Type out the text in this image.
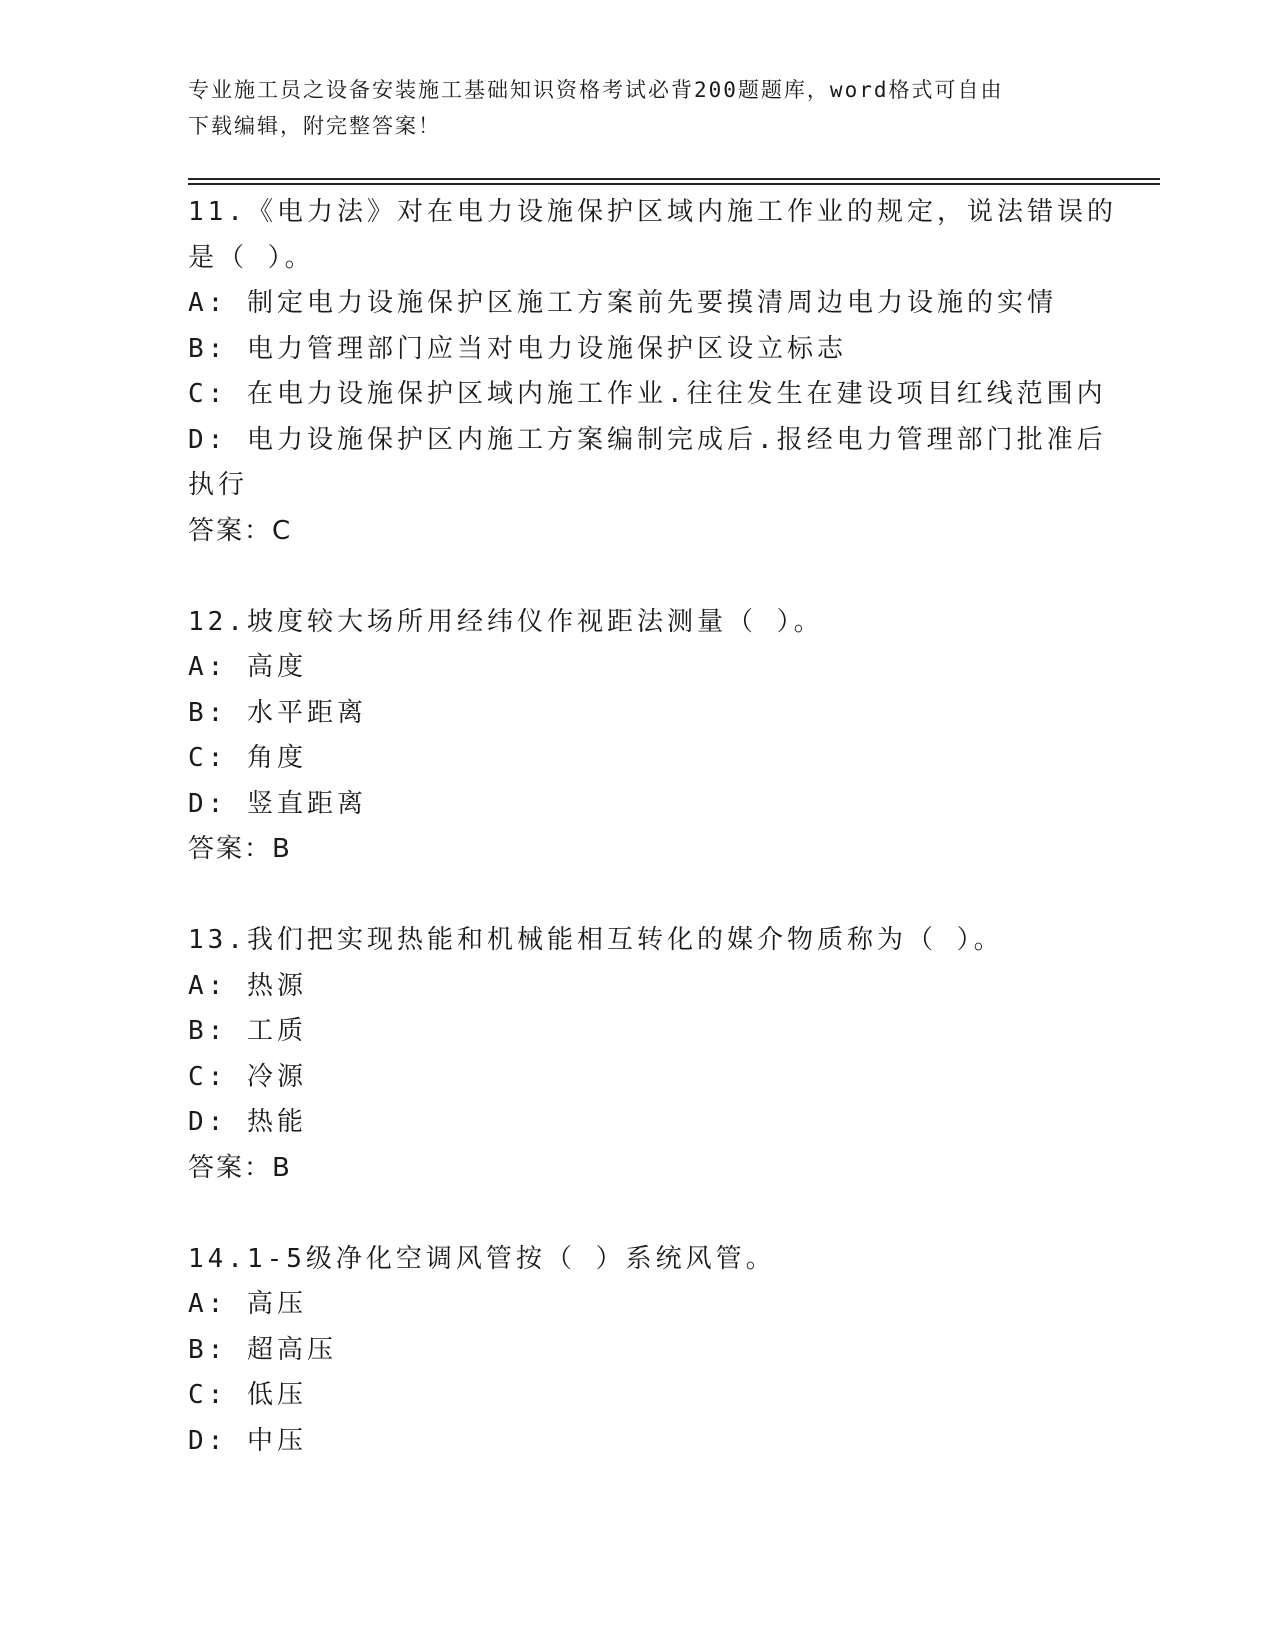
专业施工员之设备安装施工基础知识资格考试必背200题题库，word格式可自由
下载编辑，附完整答案！
11.《电力法》对在电力设施保护区域内施工作业的规定，说法错误的
是（ ）。
A: 制定电力设施保护区施工方案前先要摸清周边电力设施的实情
B: 电力管理部门应当对电力设施保护区设立标志
C: 在电力设施保护区域内施工作业.往往发生在建设项目红线范围内
D: 电力设施保护区内施工方案编制完成后.报经电力管理部门批准后
执行
答案：C
12.坡度较大场所用经纬仪作视距法测量（ ）。
A: 高度
B: 水平距离
C: 角度
D: 竖直距离
答案：B
13.我们把实现热能和机械能相互转化的媒介物质称为（ ）。
A: 热源
B: 工质
C: 冷源
D: 热能
答案：B
14.1-5级净化空调风管按（ ）系统风管。
A: 高压
B: 超高压
C: 低压
D: 中压
